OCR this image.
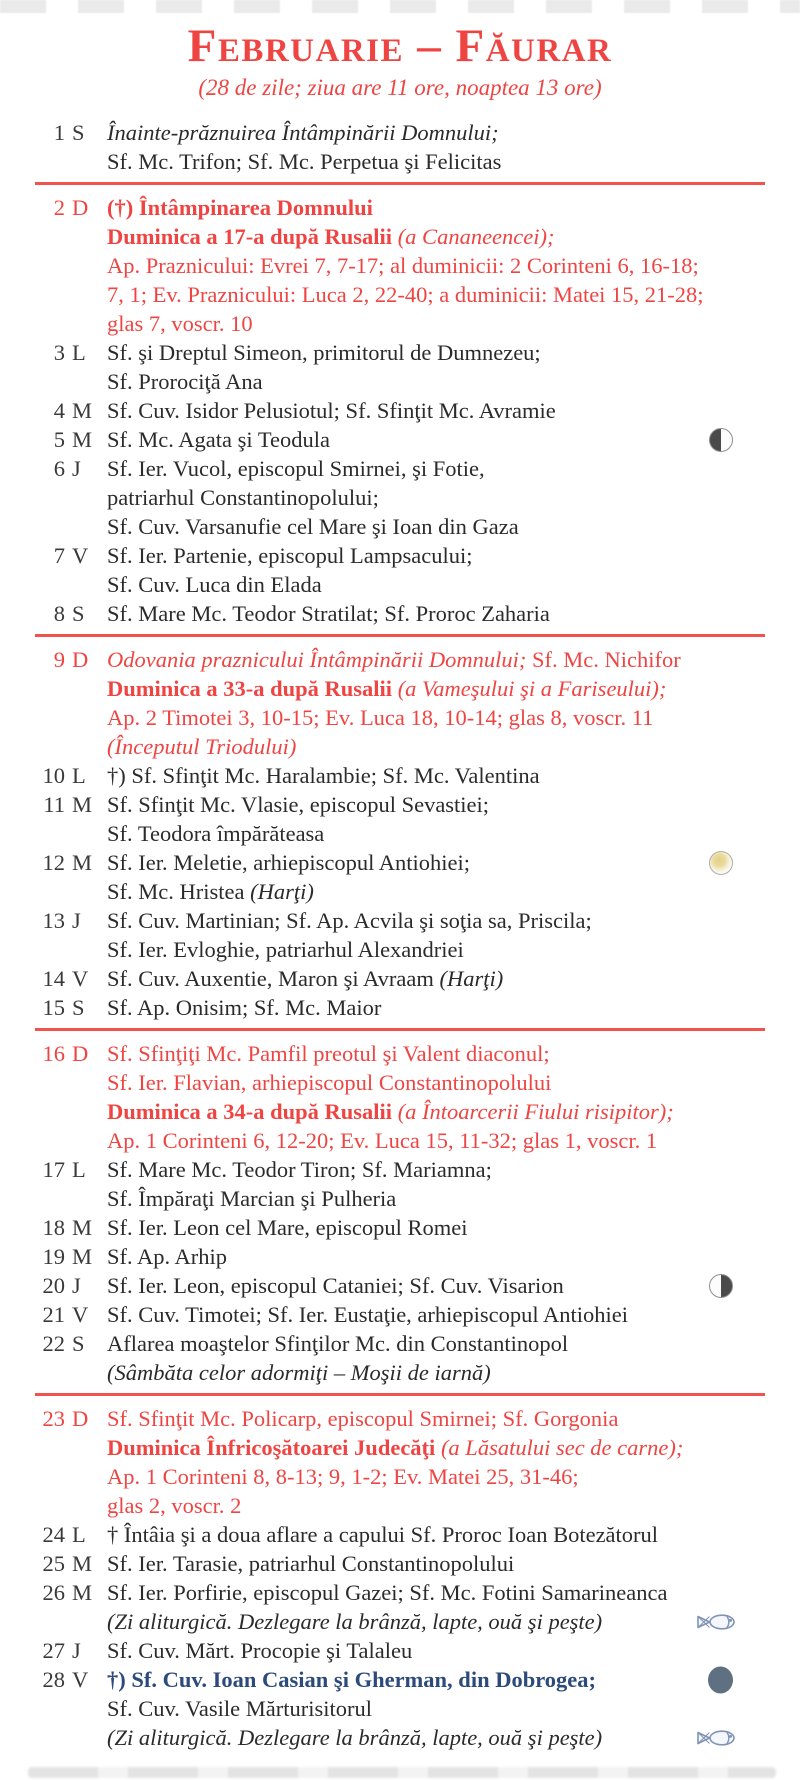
Februarie – Făurar
(28 de zile; ziua are 11 ore, noaptea 13 ore)
1 S Înainte-prăznuirea Întâmpinării Domnului;
Sf. Mc. Trifon; Sf. Mc. Perpetua şi Felicitas
2 D (†) Întâmpinarea Domnului
Duminica a 17-a după Rusalii (a Cananeencei);
Ap. Praznicului: Evrei 7, 7-17; al duminicii: 2 Corinteni 6, 16-18;
7, 1; Ev. Praznicului: Luca 2, 22-40; a duminicii: Matei 15, 21-28;
glas 7, voscr. 10
3 L Sf. şi Dreptul Simeon, primitorul de Dumnezeu;
Sf. Prorociţă Ana
4 M Sf. Cuv. Isidor Pelusiotul; Sf. Sfinţit Mc. Avramie
5 M Sf. Mc. Agata şi Teodula
6 J Sf. Ier. Vucol, episcopul Smirnei, şi Fotie,
patriarhul Constantinopolului;
Sf. Cuv. Varsanufie cel Mare şi Ioan din Gaza
7 V Sf. Ier. Partenie, episcopul Lampsacului;
Sf. Cuv. Luca din Elada
8 S Sf. Mare Mc. Teodor Stratilat; Sf. Proroc Zaharia
9 D Odovania praznicului Întâmpinării Domnului; Sf. Mc. Nichifor
Duminica a 33-a după Rusalii (a Vameşului şi a Fariseului);
Ap. 2 Timotei 3, 10-15; Ev. Luca 18, 10-14; glas 8, voscr. 11
(Începutul Triodului)
10 L †) Sf. Sfinţit Mc. Haralambie; Sf. Mc. Valentina
11 M Sf. Sfinţit Mc. Vlasie, episcopul Sevastiei;
Sf. Teodora împărăteasa
12 M Sf. Ier. Meletie, arhiepiscopul Antiohiei;
Sf. Mc. Hristea (Harţi)
13 J Sf. Cuv. Martinian; Sf. Ap. Acvila şi soţia sa, Priscila;
Sf. Ier. Evloghie, patriarhul Alexandriei
14 V Sf. Cuv. Auxentie, Maron şi Avraam (Harţi)
15 S Sf. Ap. Onisim; Sf. Mc. Maior
16 D Sf. Sfinţiţi Mc. Pamfil preotul şi Valent diaconul;
Sf. Ier. Flavian, arhiepiscopul Constantinopolului
Duminica a 34-a după Rusalii (a Întoarcerii Fiului risipitor);
Ap. 1 Corinteni 6, 12-20; Ev. Luca 15, 11-32; glas 1, voscr. 1
17 L Sf. Mare Mc. Teodor Tiron; Sf. Mariamna;
Sf. Împăraţi Marcian şi Pulheria
18 M Sf. Ier. Leon cel Mare, episcopul Romei
19 M Sf. Ap. Arhip
20 J Sf. Ier. Leon, episcopul Cataniei; Sf. Cuv. Visarion
21 V Sf. Cuv. Timotei; Sf. Ier. Eustaţie, arhiepiscopul Antiohiei
22 S Aflarea moaştelor Sfinţilor Mc. din Constantinopol
(Sâmbăta celor adormiţi – Moşii de iarnă)
23 D Sf. Sfinţit Mc. Policarp, episcopul Smirnei; Sf. Gorgonia
Duminica Înfricoşătoarei Judecăţi (a Lăsatului sec de carne);
Ap. 1 Corinteni 8, 8-13; 9, 1-2; Ev. Matei 25, 31-46;
glas 2, voscr. 2
24 L † Întâia şi a doua aflare a capului Sf. Proroc Ioan Botezătorul
25 M Sf. Ier. Tarasie, patriarhul Constantinopolului
26 M Sf. Ier. Porfirie, episcopul Gazei; Sf. Mc. Fotini Samarineanca
(Zi aliturgică. Dezlegare la brânză, lapte, ouă şi peşte)
27 J Sf. Cuv. Mărt. Procopie şi Talaleu
28 V †) Sf. Cuv. Ioan Casian şi Gherman, din Dobrogea;
Sf. Cuv. Vasile Mărturisitorul
(Zi aliturgică. Dezlegare la brânză, lapte, ouă şi peşte)
